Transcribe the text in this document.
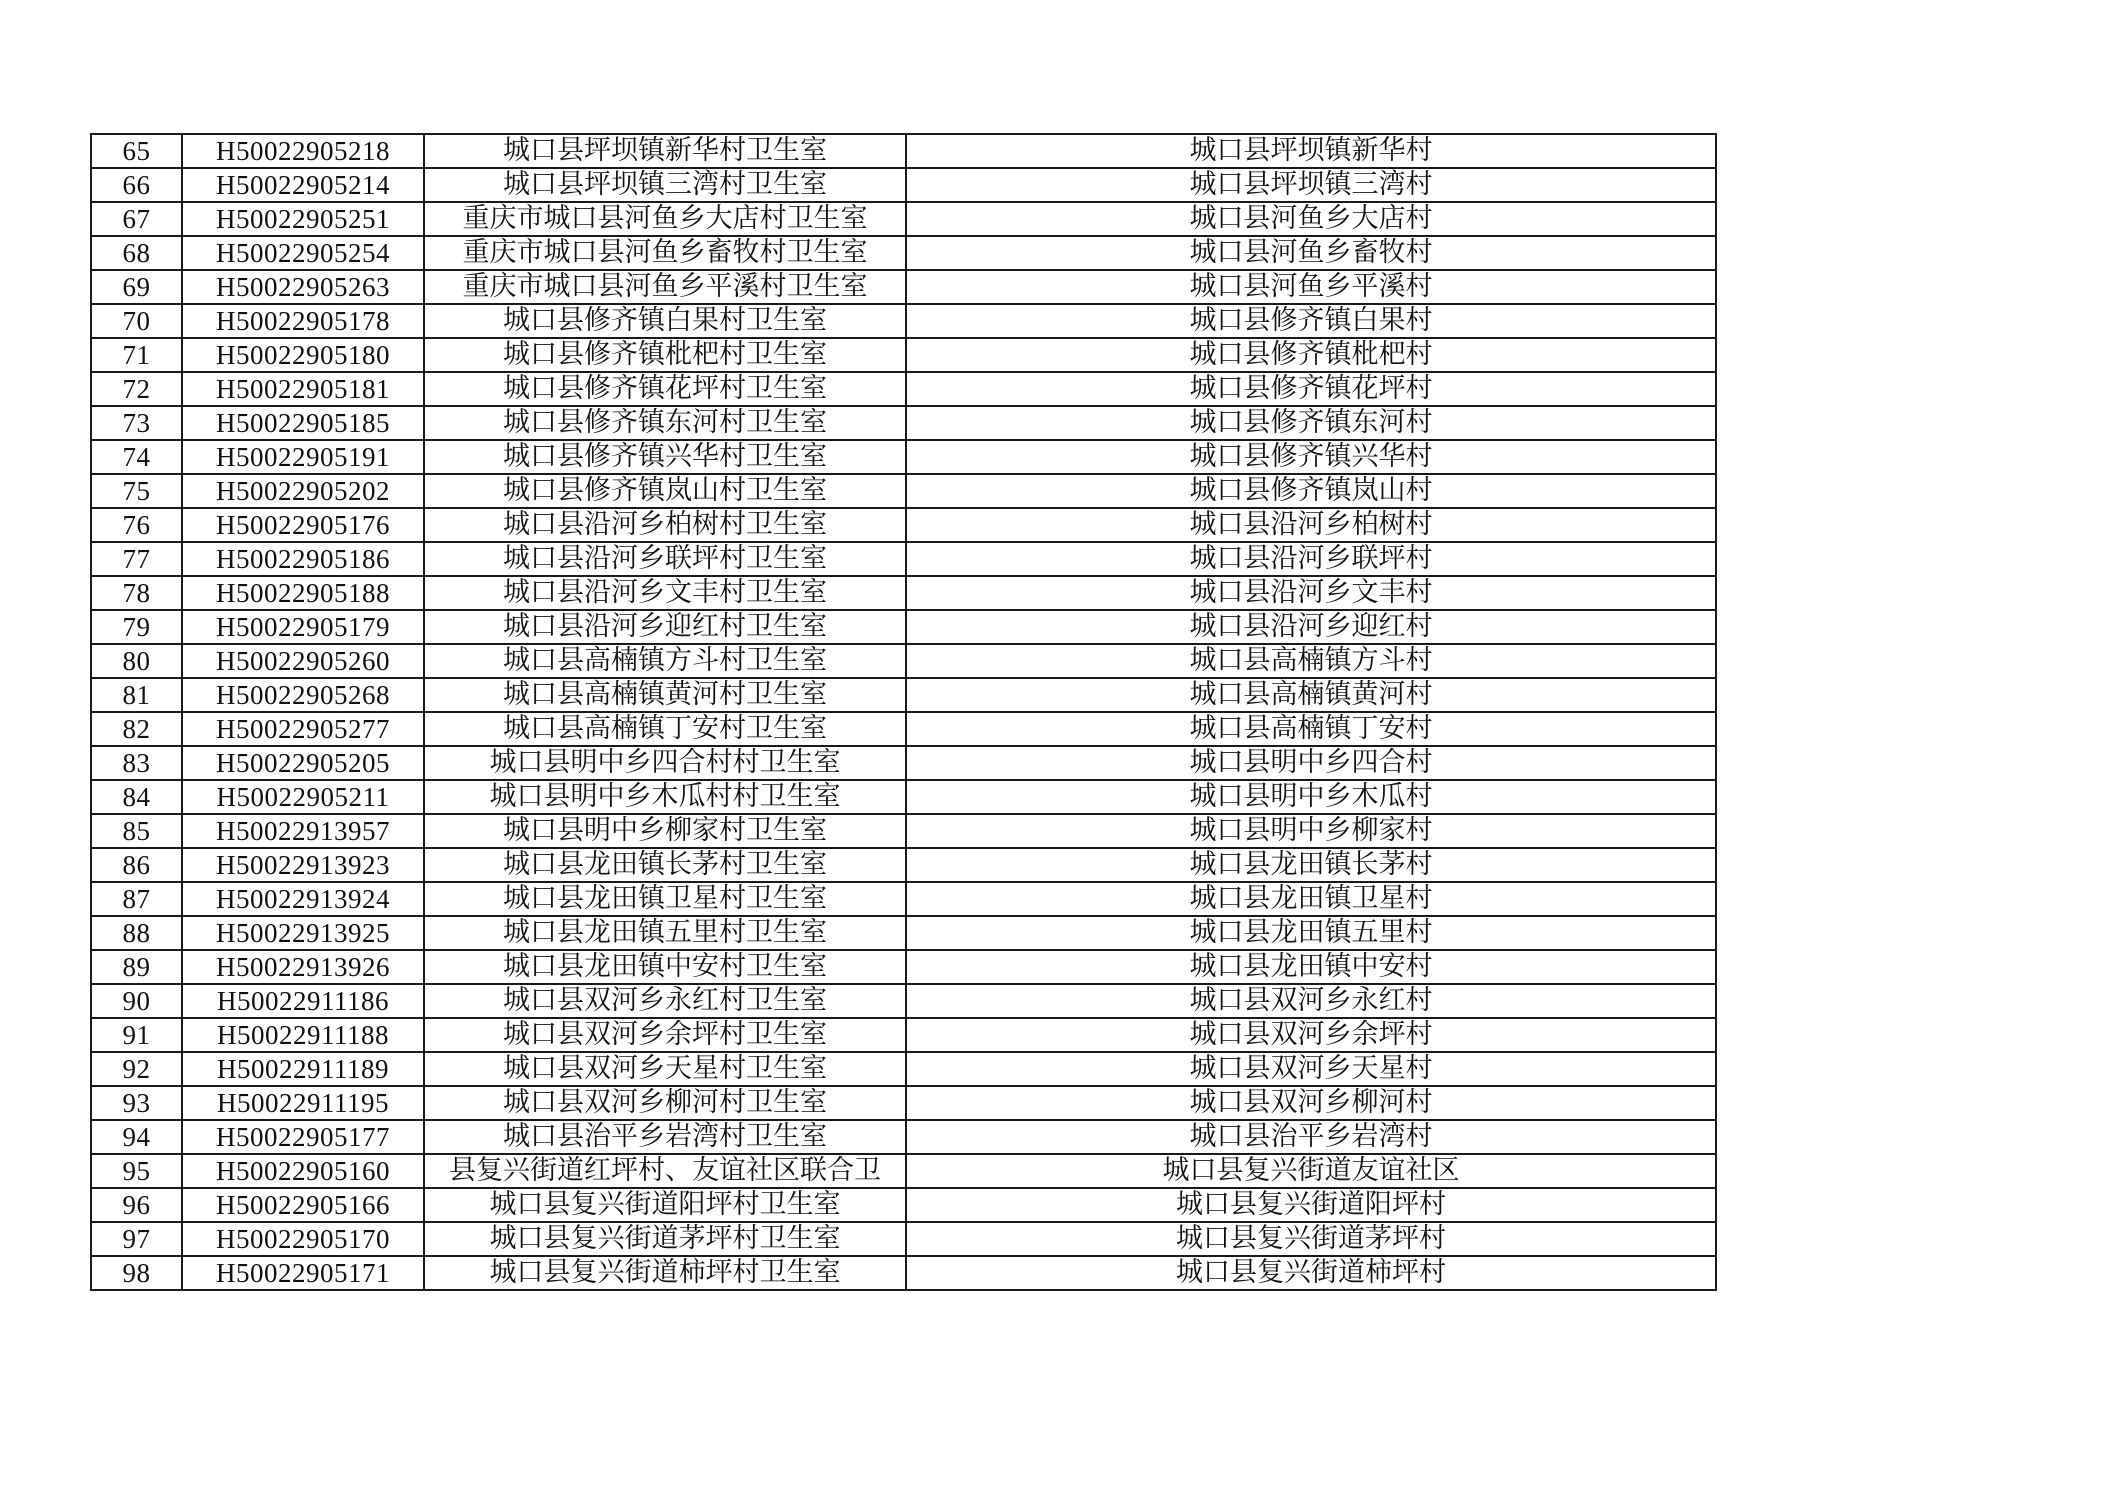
65	H50022905218	城口县坪坝镇新华村卫生室	城口县坪坝镇新华村
66	H50022905214	城口县坪坝镇三湾村卫生室	城口县坪坝镇三湾村
67	H50022905251	重庆市城口县河鱼乡大店村卫生室	城口县河鱼乡大店村
68	H50022905254	重庆市城口县河鱼乡畜牧村卫生室	城口县河鱼乡畜牧村
69	H50022905263	重庆市城口县河鱼乡平溪村卫生室	城口县河鱼乡平溪村
70	H50022905178	城口县修齐镇白果村卫生室	城口县修齐镇白果村
71	H50022905180	城口县修齐镇枇杷村卫生室	城口县修齐镇枇杷村
72	H50022905181	城口县修齐镇花坪村卫生室	城口县修齐镇花坪村
73	H50022905185	城口县修齐镇东河村卫生室	城口县修齐镇东河村
74	H50022905191	城口县修齐镇兴华村卫生室	城口县修齐镇兴华村
75	H50022905202	城口县修齐镇岚山村卫生室	城口县修齐镇岚山村
76	H50022905176	城口县沿河乡柏树村卫生室	城口县沿河乡柏树村
77	H50022905186	城口县沿河乡联坪村卫生室	城口县沿河乡联坪村
78	H50022905188	城口县沿河乡文丰村卫生室	城口县沿河乡文丰村
79	H50022905179	城口县沿河乡迎红村卫生室	城口县沿河乡迎红村
80	H50022905260	城口县高楠镇方斗村卫生室	城口县高楠镇方斗村
81	H50022905268	城口县高楠镇黄河村卫生室	城口县高楠镇黄河村
82	H50022905277	城口县高楠镇丁安村卫生室	城口县高楠镇丁安村
83	H50022905205	城口县明中乡四合村村卫生室	城口县明中乡四合村
84	H50022905211	城口县明中乡木瓜村村卫生室	城口县明中乡木瓜村
85	H50022913957	城口县明中乡柳家村卫生室	城口县明中乡柳家村
86	H50022913923	城口县龙田镇长茅村卫生室	城口县龙田镇长茅村
87	H50022913924	城口县龙田镇卫星村卫生室	城口县龙田镇卫星村
88	H50022913925	城口县龙田镇五里村卫生室	城口县龙田镇五里村
89	H50022913926	城口县龙田镇中安村卫生室	城口县龙田镇中安村
90	H50022911186	城口县双河乡永红村卫生室	城口县双河乡永红村
91	H50022911188	城口县双河乡余坪村卫生室	城口县双河乡余坪村
92	H50022911189	城口县双河乡天星村卫生室	城口县双河乡天星村
93	H50022911195	城口县双河乡柳河村卫生室	城口县双河乡柳河村
94	H50022905177	城口县治平乡岩湾村卫生室	城口县治平乡岩湾村
95	H50022905160	县复兴街道红坪村、友谊社区联合卫	城口县复兴街道友谊社区
96	H50022905166	城口县复兴街道阳坪村卫生室	城口县复兴街道阳坪村
97	H50022905170	城口县复兴街道茅坪村卫生室	城口县复兴街道茅坪村
98	H50022905171	城口县复兴街道柿坪村卫生室	城口县复兴街道柿坪村
